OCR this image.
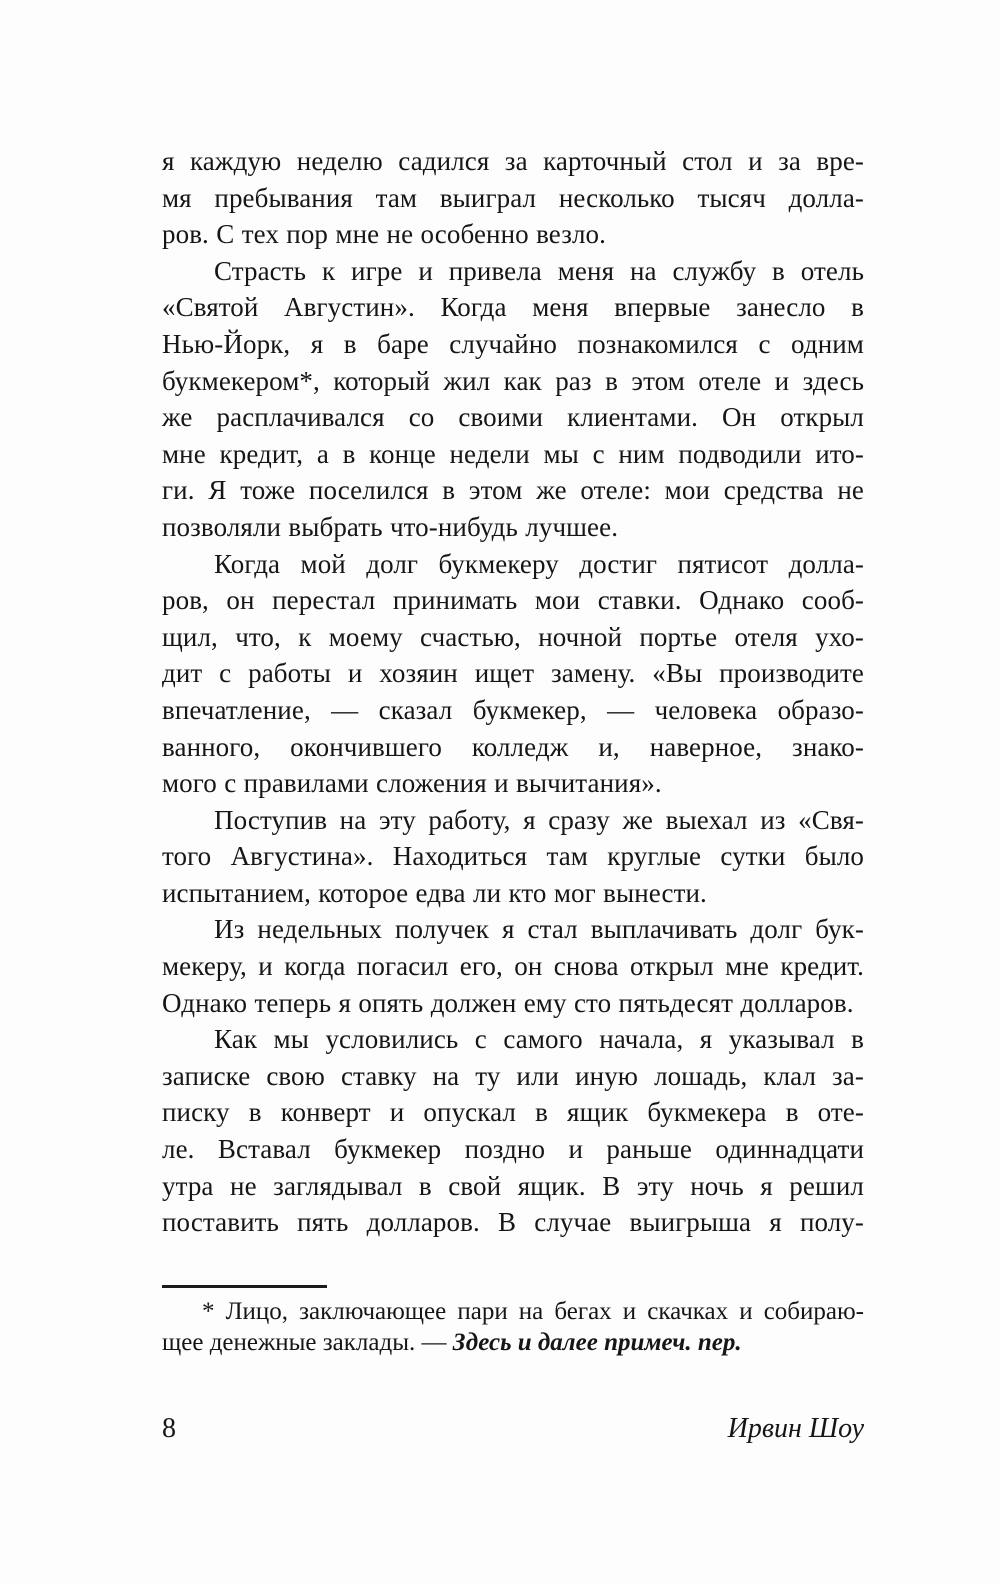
я каждую неделю садился за карточный стол и за вре-
мя пребывания там выиграл несколько тысяч долла-
ров. С тех пор мне не особенно везло.
Страсть к игре и привела меня на службу в отель
«Святой Августин». Когда меня впервые занесло в
Нью-Йорк, я в баре случайно познакомился с одним
букмекером*, который жил как раз в этом отеле и здесь
же расплачивался со своими клиентами. Он открыл
мне кредит, а в конце недели мы с ним подводили ито-
ги. Я тоже поселился в этом же отеле: мои средства не
позволяли выбрать что-нибудь лучшее.
Когда мой долг букмекеру достиг пятисот долла-
ров, он перестал принимать мои ставки. Однако сооб-
щил, что, к моему счастью, ночной портье отеля ухо-
дит с работы и хозяин ищет замену. «Вы производите
впечатление, — сказал букмекер, — человека образо-
ванного, окончившего колледж и, наверное, знако-
мого с правилами сложения и вычитания».
Поступив на эту работу, я сразу же выехал из «Свя-
того Августина». Находиться там круглые сутки было
испытанием, которое едва ли кто мог вынести.
Из недельных получек я стал выплачивать долг бук-
мекеру, и когда погасил его, он снова открыл мне кредит.
Однако теперь я опять должен ему сто пятьдесят долларов.
Как мы условились с самого начала, я указывал в
записке свою ставку на ту или иную лошадь, клал за-
писку в конверт и опускал в ящик букмекера в оте-
ле. Вставал букмекер поздно и раньше одиннадцати
утра не заглядывал в свой ящик. В эту ночь я решил
поставить пять долларов. В случае выигрыша я полу-
* Лицо, заключающее пари на бегах и скачках и собираю-
щее денежные заклады. — Здесь и далее примеч. пер.
8	Ирвин Шоу
